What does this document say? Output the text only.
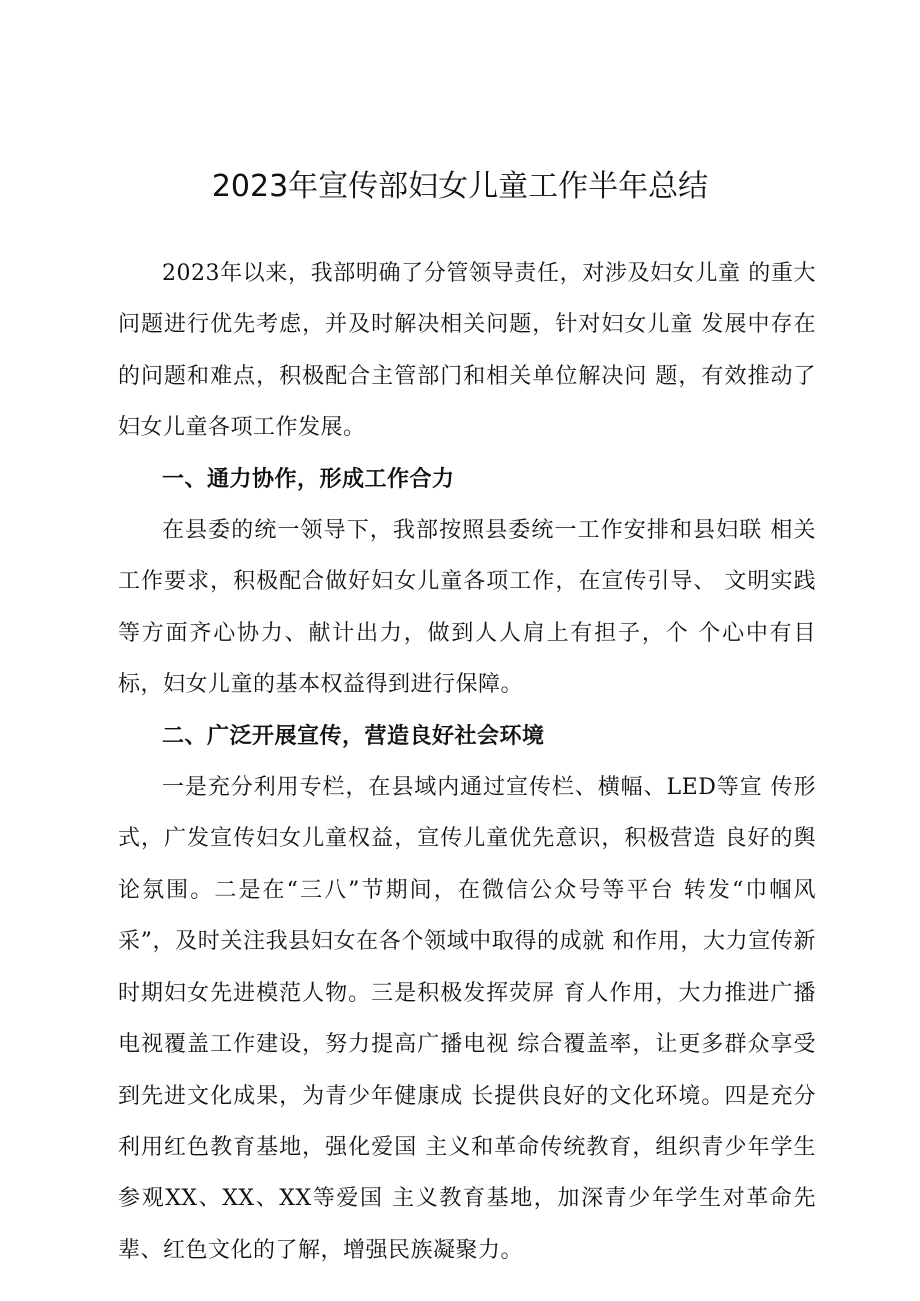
2023年宣传部妇女儿童工作半年总结

2023年以来，我部明确了分管领导责任，对涉及妇女儿童 的重大问题进行优先考虑，并及时解决相关问题，针对妇女儿童 发展中存在的问题和难点，积极配合主管部门和相关单位解决问 题，有效推动了妇女儿童各项工作发展。

一、通力协作，形成工作合力

在县委的统一领导下，我部按照县委统一工作安排和县妇联 相关工作要求，积极配合做好妇女儿童各项工作，在宣传引导、 文明实践等方面齐心协力、献计出力，做到人人肩上有担子，个 个心中有目标，妇女儿童的基本权益得到进行保障。

二、广泛开展宣传，营造良好社会环境

一是充分利用专栏，在县域内通过宣传栏、横幅、LED等宣 传形式，广发宣传妇女儿童权益，宣传儿童优先意识，积极营造 良好的舆论氛围。二是在“三八”节期间，在微信公众号等平台 转发“巾帼风采”，及时关注我县妇女在各个领域中取得的成就 和作用，大力宣传新时期妇女先进模范人物。三是积极发挥荧屏 育人作用，大力推进广播电视覆盖工作建设，努力提高广播电视 综合覆盖率，让更多群众享受到先进文化成果，为青少年健康成 长提供良好的文化环境。四是充分利用红色教育基地，强化爱国 主义和革命传统教育，组织青少年学生参观XX、XX、XX等爱国 主义教育基地，加深青少年学生对革命先辈、红色文化的了解，增强民族凝聚力。
